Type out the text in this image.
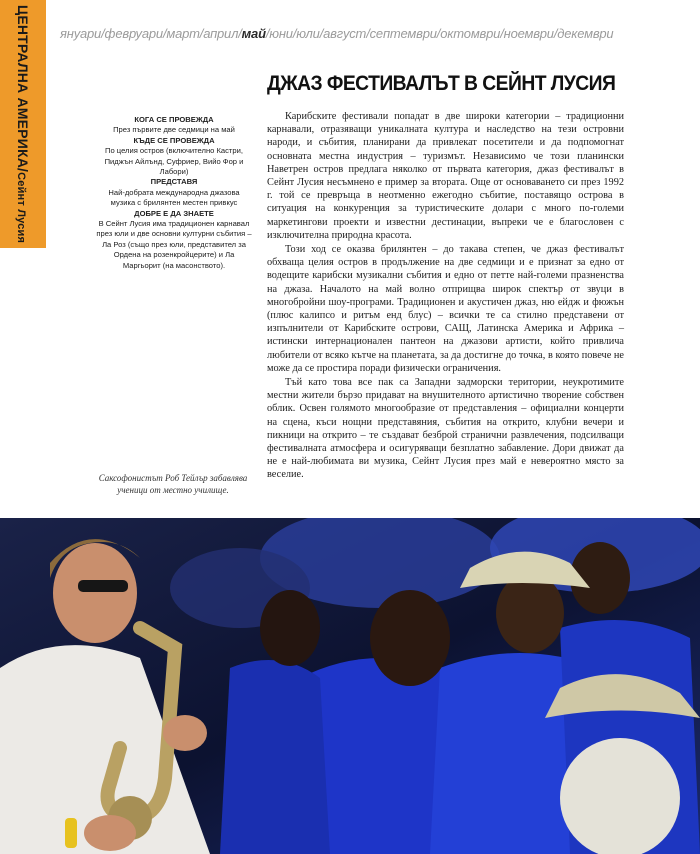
ЦЕНТРАЛНА АМЕРИКА/Сейнт Лусия
януари/февруари/март/април/май/юни/юли/август/септември/октомври/ноември/декември
ДЖАЗ ФЕСТИВАЛЪТ В СЕЙНТ ЛУСИЯ
КОГА СЕ ПРОВЕЖДА
През първите две седмици на май
КЪДЕ СЕ ПРОВЕЖДА
По целия остров (включително Кастри, Пиджън Айлънд, Суфриер, Вийо Фор и Лабори)
ПРЕДСТАВЯ
Най-добрата международна джазова музика с брилянтен местен привкус
ДОБРЕ Е ДА ЗНАЕТЕ
В Сейнт Лусия има традиционен карнавал през юли и две основни културни събития – Ла Роз (също през юли, представител за Ордена на розенкройцерите) и Ла Маргьорит (на масонството).
Саксофонистът Роб Тейлър забавлява ученици от местно училище.

Карибските фестивали попадат в две широки категории – традиционни карнавали, отразяващи уникалната култура и наследство на тези островни народи, и събития, планирани да привлекат посетители и да подпомогнат основната местна индустрия – туризмът. Независимо че този планински Наветрен остров предлага няколко от първата категория, джаз фестивалът в Сейнт Лусия несъмнено е пример за втората. Още от основаването си през 1992 г. той се превръща в неотменно ежегодно събитие, поставящо острова в ситуация на конкуренция за туристическите долари с много по-големи маркетингови проекти и известни дестинации, въпреки че е благословен с изключителна природна красота.

Този ход се оказва брилянтен – до такава степен, че джаз фестивалът обхваща целия остров в продължение на две седмици и е признат за едно от водещите карибски музикални събития и едно от петте най-големи празненства на джаза. Началото на май волно отприщва широк спектър от звуци в многобройни шоу-програми. Традиционен и акустичен джаз, ню ейдж и фюжън (плюс калипсо и ритъм енд блус) – всички те са стилно представени от изпълнители от Карибските острови, САЩ, Латинска Америка и Африка – истински интернационален пантеон на джазови артисти, който привлича любители от всяко кътче на планетата, за да достигне до точка, в която повече не може да се простира поради физически ограничения.

Тъй като това все пак са Западни задморски територии, неукротимите местни жители бързо придават на внушителното артистично творение собствен облик. Освен голямото многообразие от представления – официални концерти на сцена, къси нощни представяния, събития на открито, клубни вечери и пикници на открито – те създават безброй странични развлечения, подсилващи фестивалната атмосфера и осигуряващи безплатно забавление. Дори движат да не е най-любимата ви музика, Сейнт Лусия през май е невероятно място за веселие.
